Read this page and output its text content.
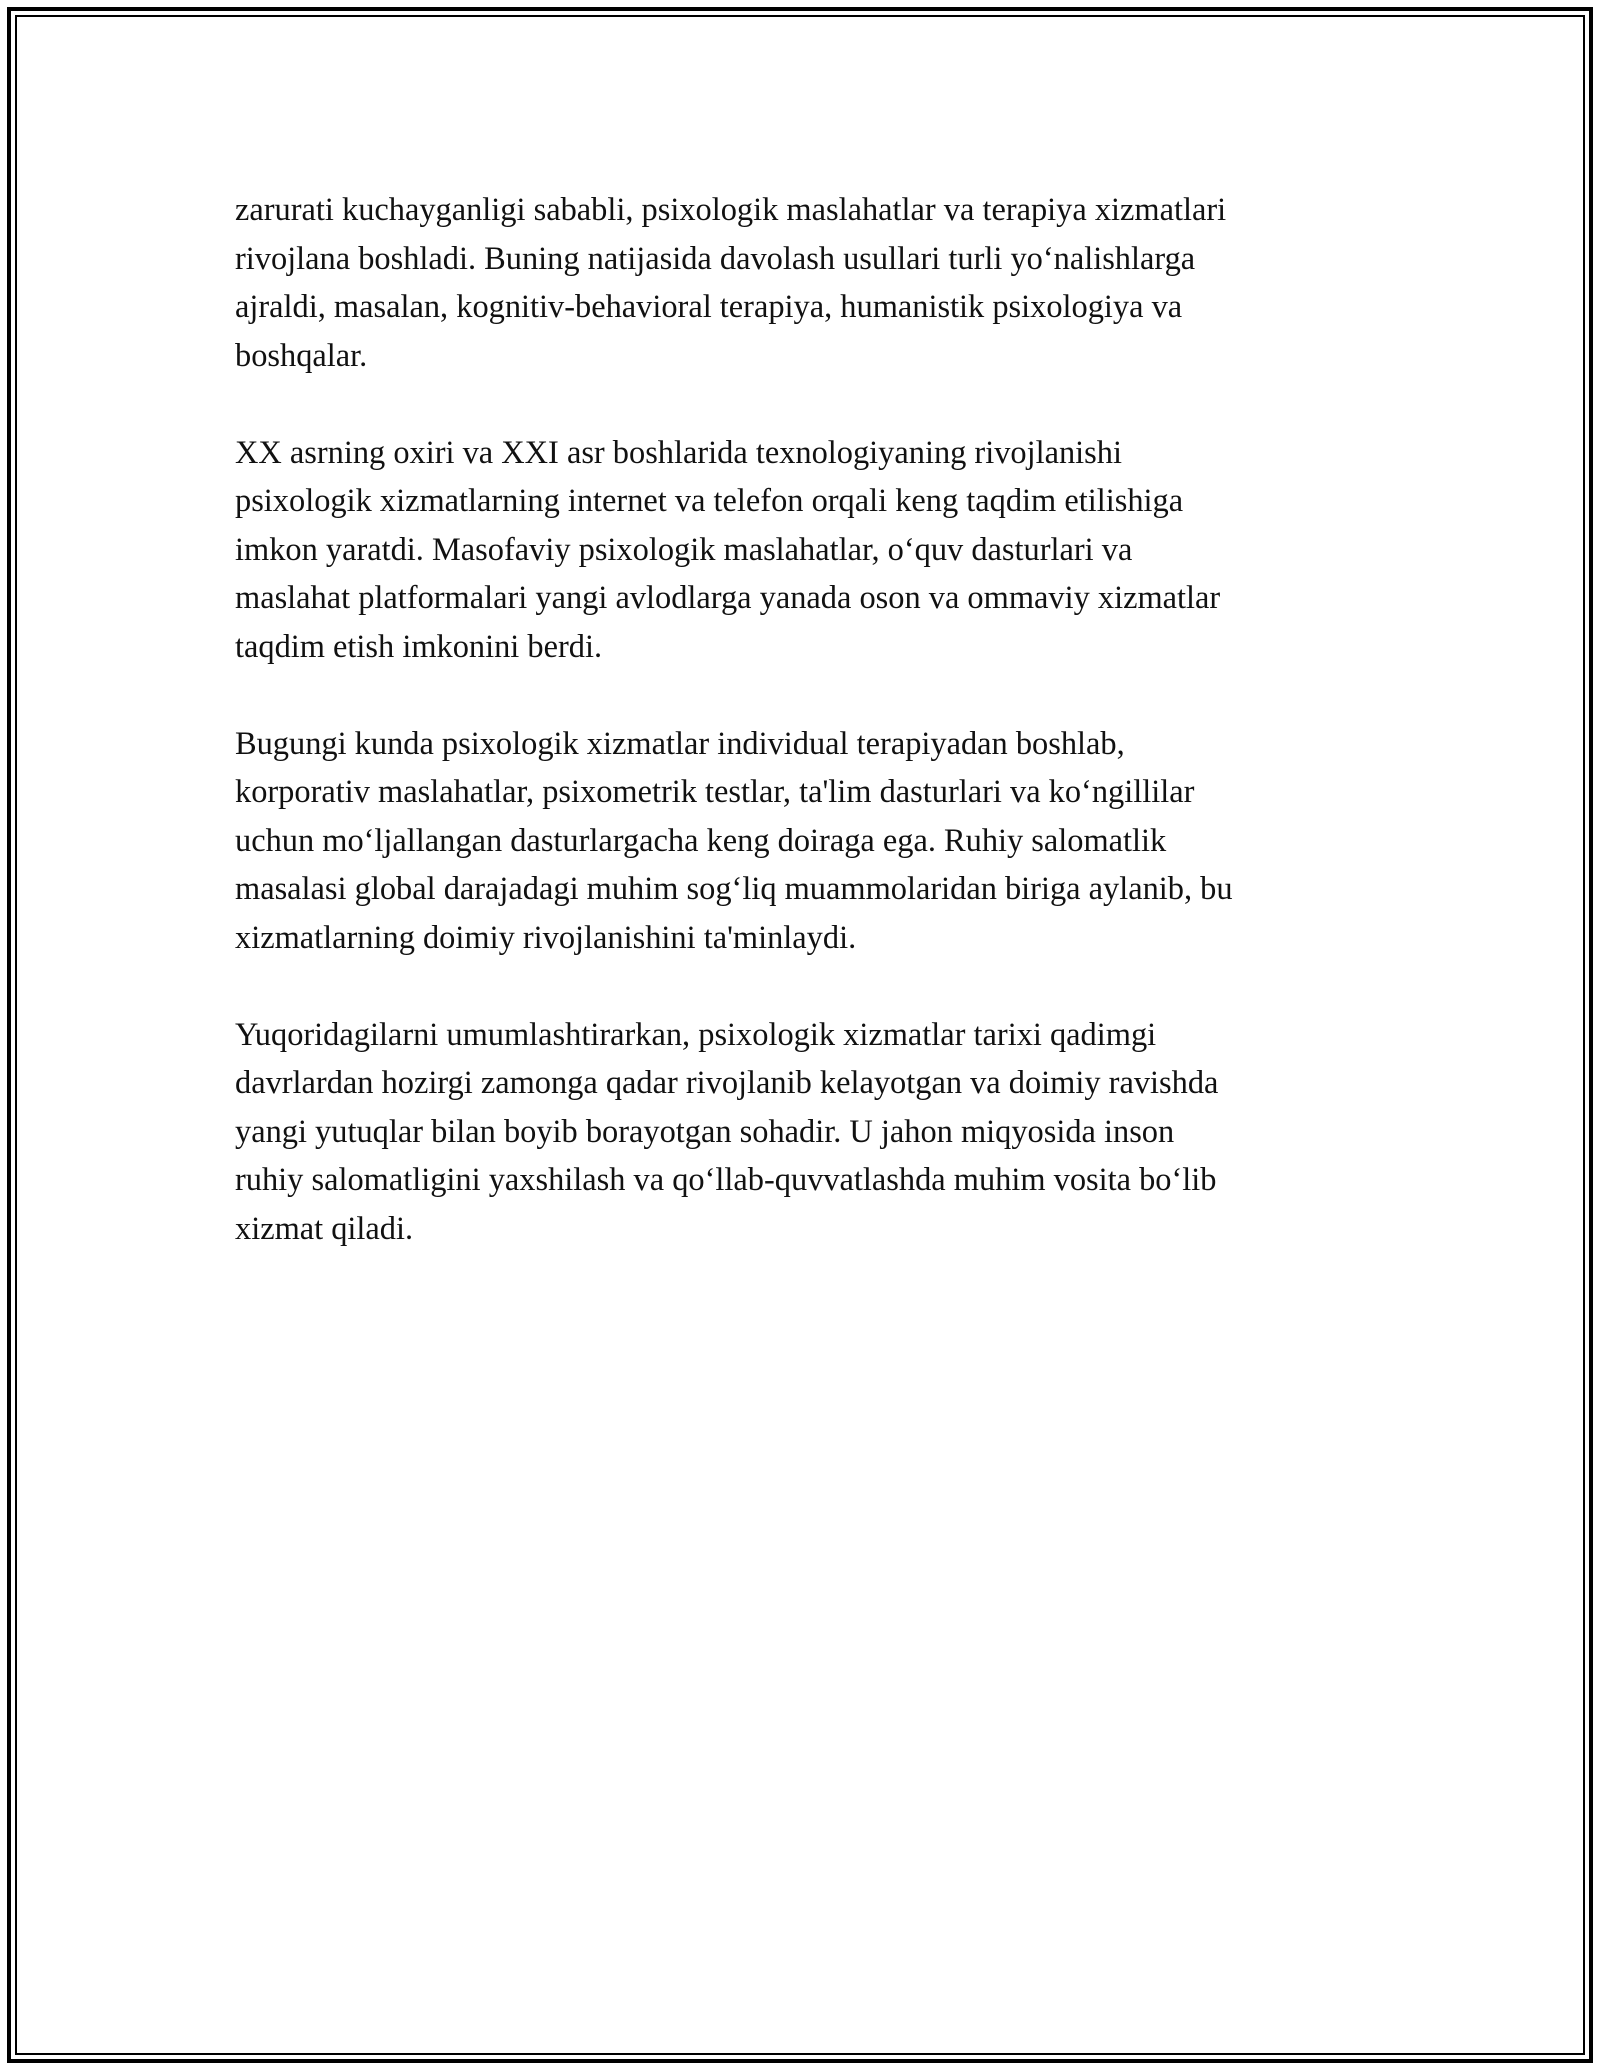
zarurati kuchayganligi sababli, psixologik maslahatlar va terapiya xizmatlari
rivojlana boshladi. Buning natijasida davolash usullari turli yo‘nalishlarga
ajraldi, masalan, kognitiv-behavioral terapiya, humanistik psixologiya va
boshqalar.

XX asrning oxiri va XXI asr boshlarida texnologiyaning rivojlanishi
psixologik xizmatlarning internet va telefon orqali keng taqdim etilishiga
imkon yaratdi. Masofaviy psixologik maslahatlar, o‘quv dasturlari va
maslahat platformalari yangi avlodlarga yanada oson va ommaviy xizmatlar
taqdim etish imkonini berdi.

Bugungi kunda psixologik xizmatlar individual terapiyadan boshlab,
korporativ maslahatlar, psixometrik testlar, ta'lim dasturlari va ko‘ngillilar
uchun mo‘ljallangan dasturlargacha keng doiraga ega. Ruhiy salomatlik
masalasi global darajadagi muhim sog‘liq muammolaridan biriga aylanib, bu
xizmatlarning doimiy rivojlanishini ta'minlaydi.

Yuqoridagilarni umumlashtirarkan, psixologik xizmatlar tarixi qadimgi
davrlardan hozirgi zamonga qadar rivojlanib kelayotgan va doimiy ravishda
yangi yutuqlar bilan boyib borayotgan sohadir. U jahon miqyosida inson
ruhiy salomatligini yaxshilash va qo‘llab-quvvatlashda muhim vosita bo‘lib
xizmat qiladi.
